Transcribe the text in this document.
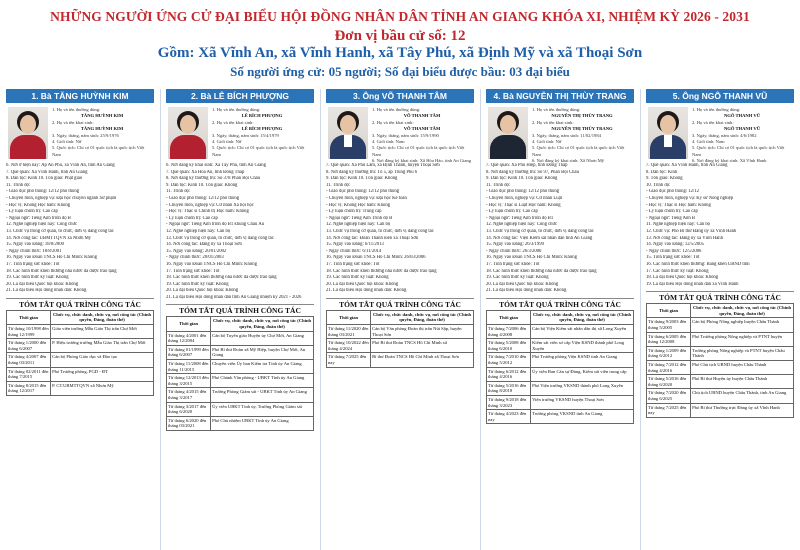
NHỮNG NGƯỜI ỨNG CỬ ĐẠI BIỂU HỘI ĐỒNG NHÂN DÂN TỈNH AN GIANG KHÓA XI, NHIỆM KỲ 2026 - 2031
Đơn vị bầu cử số: 12
Gồm: Xã Vĩnh An, xã Vĩnh Hanh, xã Tây Phú, xã Định Mỹ và xã Thoại Sơn
Số người ứng cử: 05 người; Số đại biểu được bầu: 03 đại biểu
1. Bà TĂNG HUỲNH KIM
1. Họ và tên thường dùng:
TĂNG HUỲNH KIM
2. Họ và tên khai sinh:
TĂNG HUỲNH KIM
3. Ngày, tháng, năm sinh: 25/9/1976
4. Giới tính: Nữ
5. Quốc tịch: Chỉ có 01 quốc tịch là quốc tịch Việt Nam
6. Nơi ở hiện nay: Ấp An Phú, xã Vĩnh An, tỉnh An Giang
7. Quê quán: Xã Vĩnh Hanh, tỉnh An Giang
8. Dân tộc: Kinh 10. Tôn giáo: Phật giáo
11. Trình độ:
- Giáo dục phổ thông: 12/12 phổ thông
- Chuyên môn, nghiệp vụ: Đại học chuyên ngành Sư phạm
- Học vị: Không Học hàm: Không
- Lý luận chính trị: Cao cấp
- Ngoại ngữ: Tiếng Anh trình độ B
12. Nghề nghiệp hiện nay: Công chức
13. Chức vụ trong cơ quan, tổ chức, đơn vị đang công tác
14. Nơi công tác: UBMTTQVN xã Nhơn Mỹ
15. Ngày vào Đảng: 18/8/2000
- Ngày chính thức: 18/8/2001
16. Ngày vào Đoàn TNCS Hồ Chí Minh: Không
17. Tình trạng sức khỏe: Tốt
18. Các hình thức khen thưởng nhà nước đã được trao tặng
19. Các hình thức kỷ luật: Không
20. Là đại biểu Quốc hội khóa: Không
21. Là đại biểu Hội đồng nhân dân: Không
TÓM TẮT QUÁ TRÌNH CÔNG TÁC
Thời gian	Chức vụ, chức danh, chức vụ, nơi công tác (Chính quyền, Đảng, đoàn thể)
Từ tháng 10/1998 đến tháng 12/1999	Giáo viên trường Mẫu Giáo Thị trấn Chợ Mới
Từ tháng 1/2000 đến tháng 6/2007	P. Hiệu trưởng trường Mẫu Giáo Thị trấn Chợ Mới
Từ tháng 4/2007 đến tháng 03/2011	Cán bộ Phòng Giáo dục và Đào tạo
Từ tháng 02/2011 đến tháng 7/2015	Phó Trưởng phòng, PGD - ĐT
Từ tháng 8/2015 đến tháng 12/2017	P. CT.UBMTTQVN xã Nhơn Mỹ
2. Bà LÊ BÍCH PHƯỢNG
1. Họ và tên thường dùng:
LÊ BÍCH PHƯỢNG
2. Họ và tên khai sinh:
LÊ BÍCH PHƯỢNG
3. Ngày, tháng, năm sinh: 15/4/1979
4. Giới tính: Nữ
5. Quốc tịch: Chỉ có 01 quốc tịch là quốc tịch Việt Nam
6. Nơi đăng ký khai sinh: Xã Tây Phú, tỉnh An Giang
7. Quê quán: Xã Hòa An, tỉnh Đồng Tháp
8. Nơi đăng ký thường trú: Số 378 Phan Bội Châu
9. Dân tộc: Kinh 10. Tôn giáo: Không
11. Trình độ:
- Giáo dục phổ thông: 12/12 phổ thông
- Chuyên môn, nghiệp vụ: Cử nhân Xã hội học
- Học vị: Thạc sĩ Chính trị Học hàm: Không
- Lý luận chính trị: Cao cấp
- Ngoại ngữ: Tiếng Anh trình độ B1 khung Châu Âu
12. Nghề nghiệp hiện nay: Cán bộ
13. Chức vụ trong cơ quan, tổ chức, đơn vị đang công tác
14. Nơi công tác: Đảng ủy xã Thoại Sơn
15. Ngày vào Đảng: 20/01/2002
- Ngày chính thức: 20/01/2003
16. Ngày vào Đoàn TNCS Hồ Chí Minh: Không
17. Tình trạng sức khỏe: Tốt
18. Các hình thức khen thưởng nhà nước đã được trao tặng
19. Các hình thức kỷ luật: Không
20. Là đại biểu Quốc hội khóa: Không
21. Là đại biểu Hội đồng nhân dân tỉnh An Giang nhiệm kỳ 2021 - 2026
TÓM TẮT QUÁ TRÌNH CÔNG TÁC
Thời gian	Chức vụ, chức danh, chức vụ, nơi công tác (Chính quyền, Đảng, đoàn thể)
Từ tháng 4/2001 đến tháng 12/2004	Cán bộ Tuyên giáo Huyện ủy Chợ Mới, An Giang
Từ tháng 01/1999 đến tháng 6/2007	Phó Bí thư Đoàn xã Mỹ Hiệp, huyện Chợ Mới, An Giang
Từ tháng 11/2008 đến tháng 11/2015	Chuyên viên Ủy ban Kiểm tra Tỉnh ủy An Giang
Từ tháng 12/2013 đến tháng 3/2015	Phó Chánh Văn phòng - UBKT Tỉnh ủy An Giang
Từ tháng 4/2015 đến tháng 3/2017	Trưởng Phòng Giám sát - UBKT Tỉnh ủy An Giang
Từ tháng 3/2017 đến tháng 6/2020	Ủy viên UBKT Tỉnh ủy, Trưởng Phòng Giám sát
Từ tháng 6/2020 đến tháng 03/2021	Phó Chủ nhiệm UBKT Tỉnh ủy An Giang
3. Ông VÕ THANH TÂM
1. Họ và tên thường dùng:
VÕ THANH TÂM
2. Họ và tên khai sinh:
VÕ THANH TÂM
3. Ngày, tháng, năm sinh: 15/9/1990
4. Giới tính: Nam
5. Quốc tịch: Chỉ có 01 quốc tịch là quốc tịch Việt Nam
6. Nơi đăng ký khai sinh: Xã Hòa Hảo, tỉnh An Giang
7. Quê quán: Xã Phú Lâm, xã Định Thành, huyện Thoại Sơn
8. Nơi đăng ký thường trú: Tổ 5, ấp Trung Phú 6
9. Dân tộc: Kinh 10. Tôn giáo: Không
11. Trình độ:
- Giáo dục phổ thông: 12/12 phổ thông
- Chuyên môn, nghiệp vụ: Đại học Kế toán
- Học vị: Không Học hàm: Không
- Lý luận chính trị: Trung cấp
- Ngoại ngữ: Tiếng Anh Trình độ B
12. Nghề nghiệp hiện nay: Cán bộ
13. Chức vụ trong cơ quan, tổ chức, đơn vị đang công tác
14. Nơi công tác: Đoàn Thanh niên xã Thoại Sơn
15. Ngày vào Đảng: 6/11/2013
- Ngày chính thức: 6/11/2014
16. Ngày vào Đoàn TNCS Hồ Chí Minh: 26/03/2006
17. Tình trạng sức khỏe: Tốt
18. Các hình thức khen thưởng nhà nước đã được trao tặng
19. Các hình thức kỷ luật: Không
20. Là đại biểu Quốc hội khóa: Không
21. Là đại biểu Hội đồng nhân dân: Không
TÓM TẮT QUÁ TRÌNH CÔNG TÁC
Thời gian	Chức vụ, chức danh, chức vụ, nơi công tác (Chính quyền, Đảng, đoàn thể)
Từ tháng 11/2020 đến tháng 03/2021	Cán bộ Văn phòng Đoàn thị trấn Núi Sập, huyện Thoại Sơn
Từ tháng 10/2022 đến tháng 4/2024	Phó Bí thư Đoàn TNCS Hồ Chí Minh xã
Từ tháng 7/2025 đến nay	Bí thư Đoàn TNCS Hồ Chí Minh xã Thoại Sơn
4. Bà NGUYỄN THỊ THÙY TRANG
1. Họ và tên thường dùng:
NGUYỄN THỊ THÙY TRANG
2. Họ và tên khai sinh:
NGUYỄN THỊ THÙY TRANG
3. Ngày, tháng, năm sinh: 11/02/1984
4. Giới tính: Nữ
5. Quốc tịch: Chỉ có 01 quốc tịch là quốc tịch Việt Nam
6. Nơi đăng ký khai sinh: Xã Nhơn Mỹ
7. Quê quán: Xã Phú Hiệp, tỉnh Đồng Tháp
8. Nơi đăng ký thường trú: Số 97, Phan Bội Châu
9. Dân tộc: Kinh 10. Tôn giáo: Không
11. Trình độ:
- Giáo dục phổ thông: 12/12 phổ thông
- Chuyên môn, nghiệp vụ: Cử nhân Luật
- Học vị: Thạc sĩ Luật Học hàm: Không
- Lý luận chính trị: Cao cấp
- Ngoại ngữ: Tiếng Anh trình độ B1
12. Nghề nghiệp hiện nay: Công chức
13. Chức vụ trong cơ quan, tổ chức, đơn vị đang công tác
14. Nơi công tác: Viện Kiểm sát nhân dân tỉnh An Giang
15. Ngày vào Đảng: 26/3/1999
- Ngày chính thức: 26/3/2000
16. Ngày vào Đoàn TNCS Hồ Chí Minh: Không
17. Tình trạng sức khỏe: Tốt
18. Các hình thức khen thưởng nhà nước đã được trao tặng
19. Các hình thức kỷ luật: Không
20. Là đại biểu Quốc hội khóa: Không
21. Là đại biểu Hội đồng nhân dân: Không
TÓM TẮT QUÁ TRÌNH CÔNG TÁC
Thời gian	Chức vụ, chức danh, chức vụ, nơi công tác (Chính quyền, Đảng, đoàn thể)
Từ tháng 7/2006 đến tháng 4/2008	Cán bộ Viện Kiểm sát nhân dân thị xã Long Xuyên
Từ tháng 5/2008 đến tháng 6/2010	Kiểm sát viên sơ cấp Viện KSND thành phố Long Xuyên
Từ tháng 7/2010 đến tháng 5/2012	Phó Trưởng phòng Viện KSND tỉnh An Giang
Từ tháng 6/2012 đến tháng 4/2016	Ủy viên Ban Cán sự Đảng, Kiểm sát viên trung cấp
Từ tháng 5/2016 đến tháng 8/2018	Phó Viện trưởng VKSND thành phố Long Xuyên
Từ tháng 9/2018 đến tháng 3/2023	Viện trưởng VKSND huyện Thoại Sơn
Từ tháng 4/2023 đến nay	Trưởng phòng VKSND tỉnh An Giang
5. Ông NGÔ THANH VŨ
1. Họ và tên thường dùng:
NGÔ THANH VŨ
2. Họ và tên khai sinh:
NGÔ THANH VŨ
3. Ngày, tháng, năm sinh: 4/6/1982
4. Giới tính: Nam
5. Quốc tịch: Chỉ có 01 quốc tịch là quốc tịch Việt Nam
6. Nơi đăng ký khai sinh: Xã Vĩnh Hanh
7. Quê quán: Xã Vĩnh Hanh, tỉnh An Giang
8. Dân tộc: Kinh
9. Tôn giáo: Không
10. Trình độ:
- Giáo dục phổ thông: 12/12
- Chuyên môn, nghiệp vụ: Kỹ sư Nông nghiệp
- Học vị: Thạc sĩ Học hàm: Không
- Lý luận chính trị: Cao cấp
- Ngoại ngữ: Tiếng Anh B
11. Nghề nghiệp hiện nay: Cán bộ
12. Chức vụ: Phó Bí thư Đảng ủy xã Vĩnh Hanh
13. Nơi công tác: Đảng ủy xã Vĩnh Hanh
14. Ngày vào Đảng: 12/5/2005
- Ngày chính thức: 12/5/2006
15. Tình trạng sức khỏe: Tốt
16. Các hình thức khen thưởng: Bằng khen UBND tỉnh
17. Các hình thức kỷ luật: Không
18. Là đại biểu Quốc hội khóa: Không
19. Là đại biểu Hội đồng nhân dân xã Vĩnh Hanh
TÓM TẮT QUÁ TRÌNH CÔNG TÁC
Thời gian	Chức vụ, chức danh, chức vụ, nơi công tác (Chính quyền, Đảng, đoàn thể)
Từ tháng 9/2003 đến tháng 5/2005	Cán bộ Phòng Nông nghiệp huyện Châu Thành
Từ tháng 6/2005 đến tháng 12/2008	Phó Trưởng phòng Nông nghiệp và PTNT huyện
Từ tháng 1/2009 đến tháng 6/2012	Trưởng phòng Nông nghiệp và PTNT huyện Châu Thành
Từ tháng 7/2012 đến tháng 4/2016	Phó Chủ tịch UBND huyện Châu Thành
Từ tháng 5/2016 đến tháng 6/2020	Phó Bí thư Huyện ủy huyện Châu Thành
Từ tháng 7/2020 đến tháng 6/2025	Chủ tịch UBND huyện Châu Thành, tỉnh An Giang
Từ tháng 7/2025 đến nay	Phó Bí thư Thường trực Đảng ủy xã Vĩnh Hanh
